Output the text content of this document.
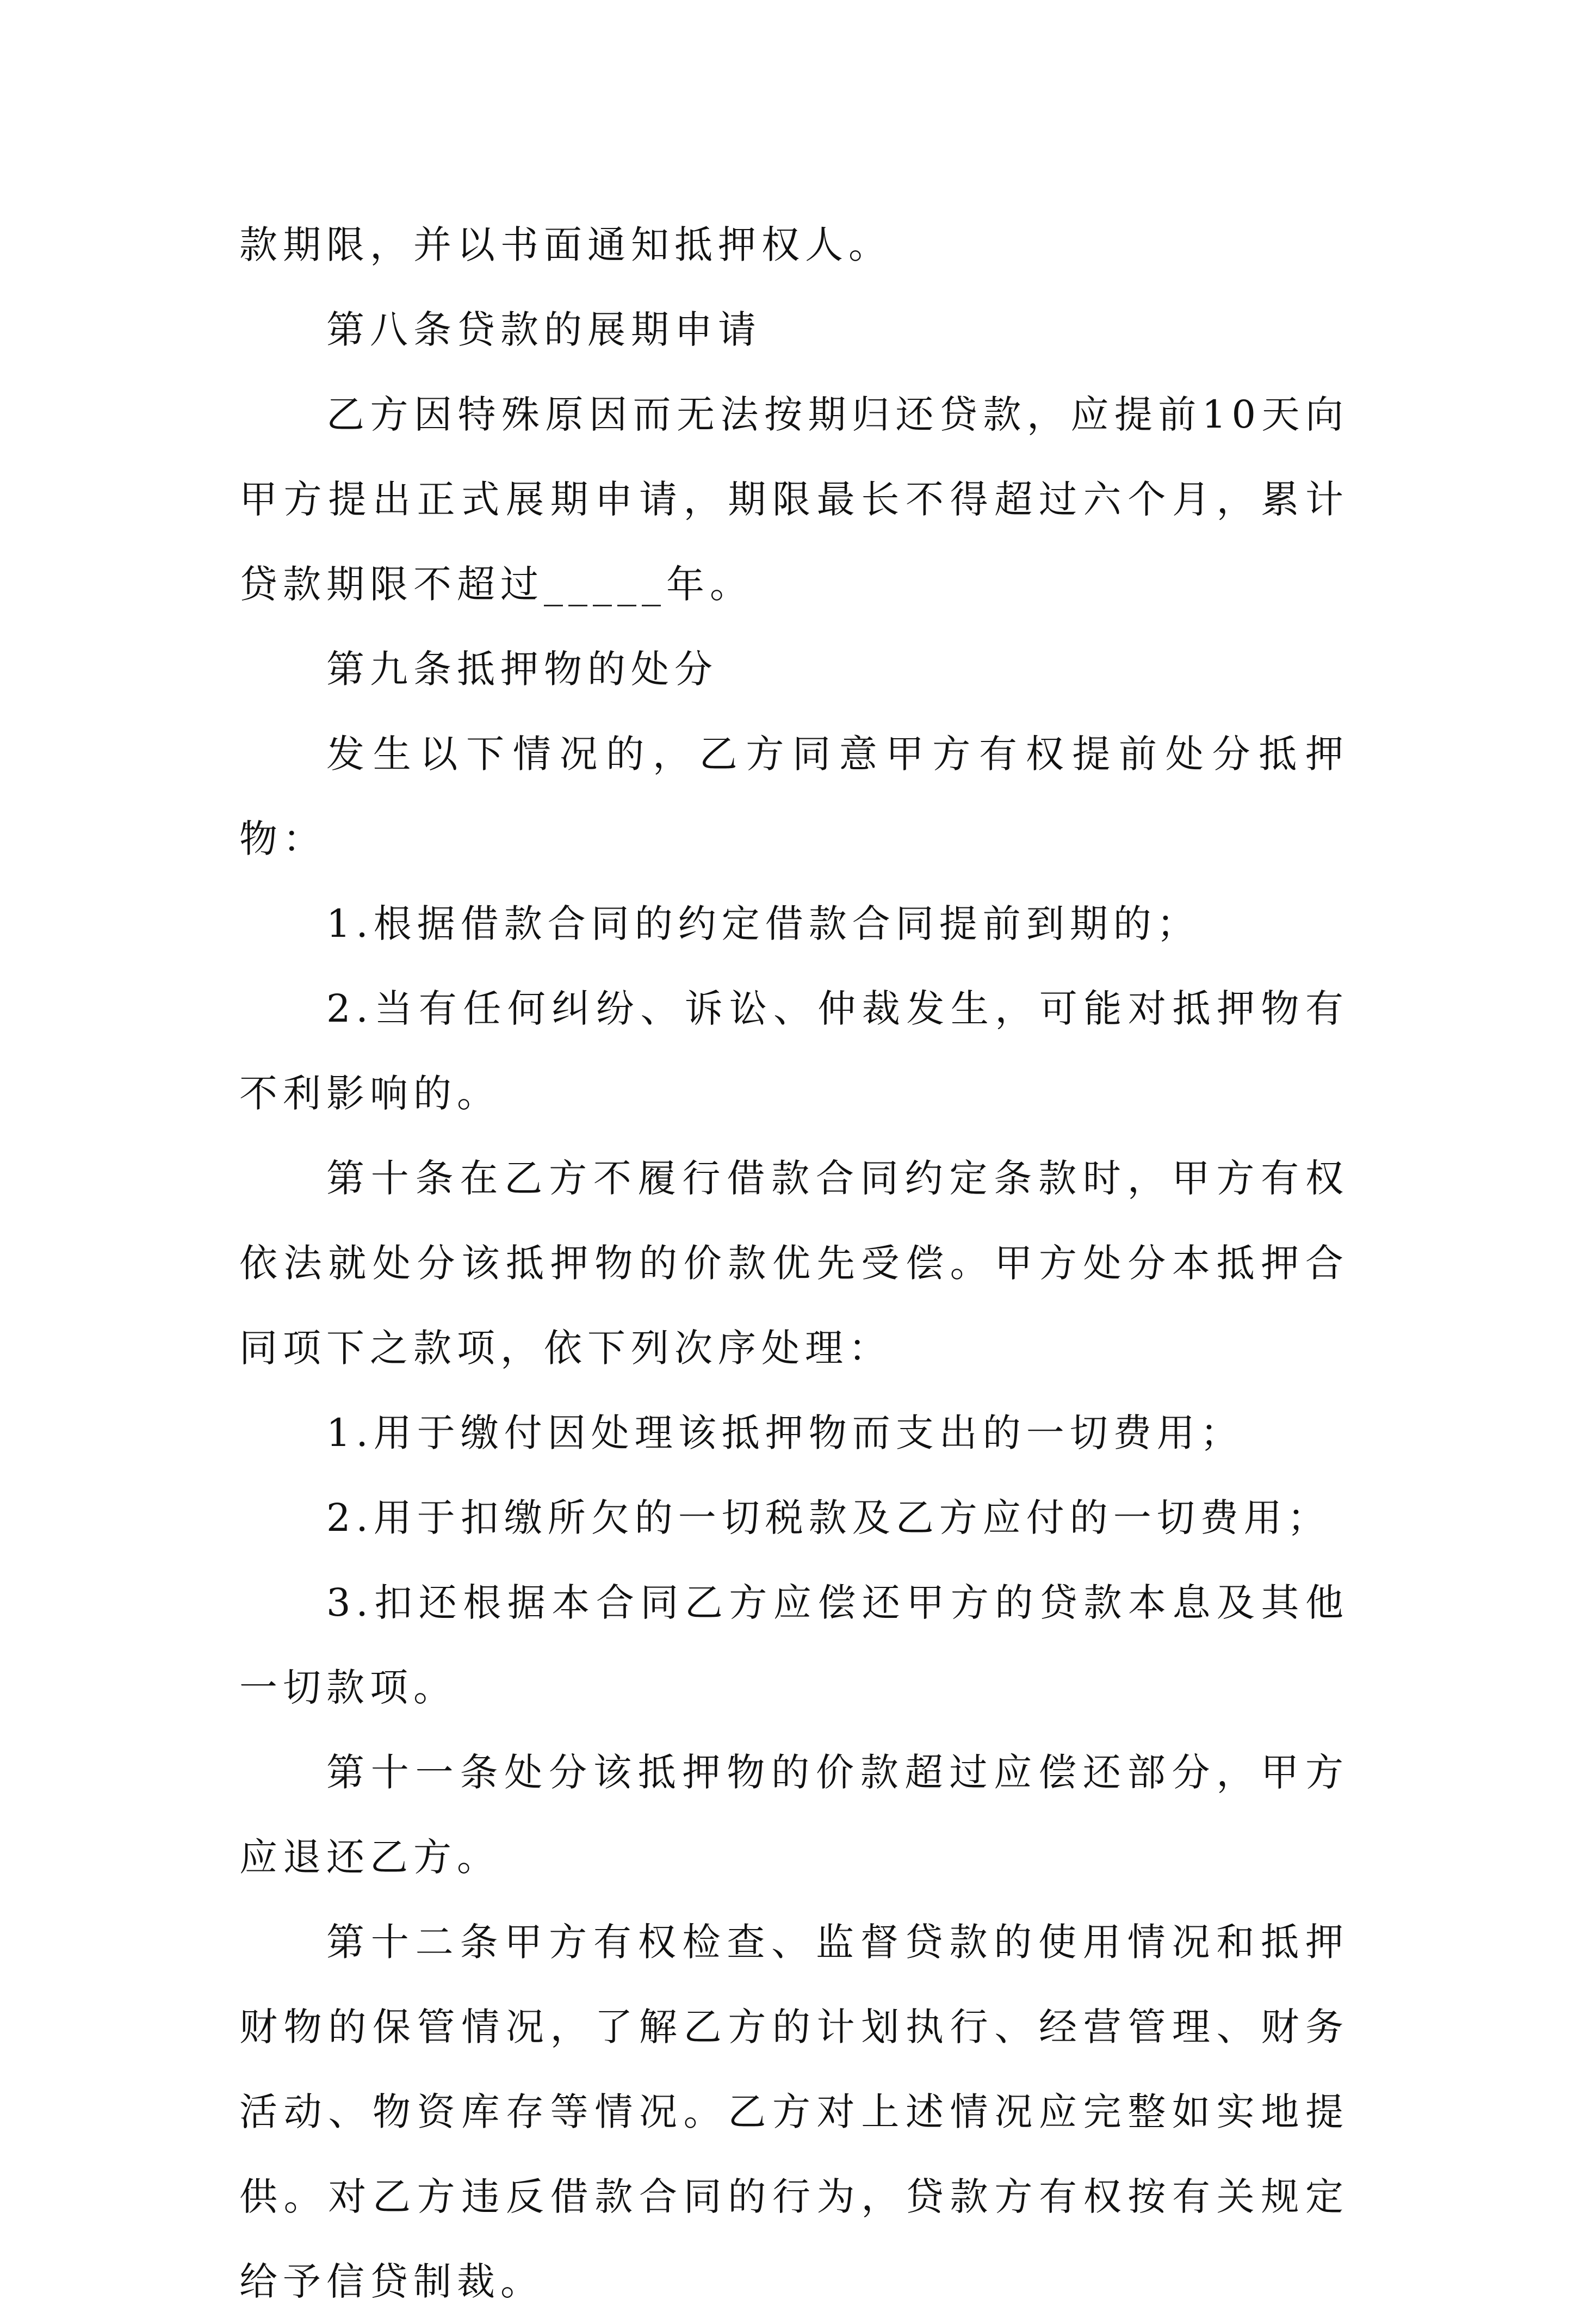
款期限，并以书面通知抵押权人。

第八条贷款的展期申请

乙方因特殊原因而无法按期归还贷款，应提前10天向甲方提出正式展期申请，期限最长不得超过六个月，累计贷款期限不超过_____年。

第九条抵押物的处分

发生以下情况的，乙方同意甲方有权提前处分抵押物：

1.根据借款合同的约定借款合同提前到期的；

2.当有任何纠纷、诉讼、仲裁发生，可能对抵押物有不利影响的。

第十条在乙方不履行借款合同约定条款时，甲方有权依法就处分该抵押物的价款优先受偿。甲方处分本抵押合同项下之款项，依下列次序处理：

1.用于缴付因处理该抵押物而支出的一切费用；

2.用于扣缴所欠的一切税款及乙方应付的一切费用；

3.扣还根据本合同乙方应偿还甲方的贷款本息及其他一切款项。

第十一条处分该抵押物的价款超过应偿还部分，甲方应退还乙方。

第十二条甲方有权检查、监督贷款的使用情况和抵押财物的保管情况，了解乙方的计划执行、经营管理、财务活动、物资库存等情况。乙方对上述情况应完整如实地提供。对乙方违反借款合同的行为，贷款方有权按有关规定给予信贷制裁。
